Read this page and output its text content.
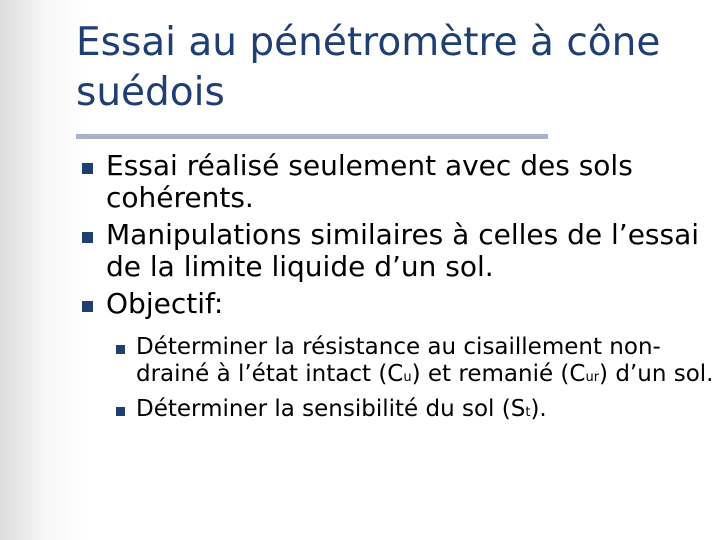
Essai au pénétromètre à cône suédois
Essai réalisé seulement avec des sols cohérents.
Manipulations similaires à celles de l’essai de la limite liquide d’un sol.
Objectif:
Déterminer la résistance au cisaillement non-drainé à l’état intact (Cu) et remanié (Cur) d’un sol.
Déterminer la sensibilité du sol (St).
